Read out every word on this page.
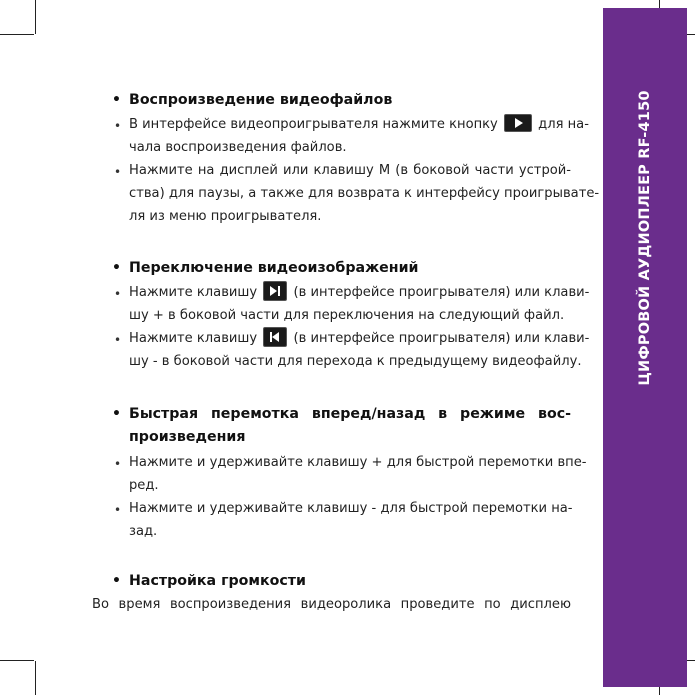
ЦИФРОВОЙ АУДИОПЛЕЕР RF-4150
• Воспроизведение видеофайлов
• В интерфейсе видеопроигрывателя нажмите кнопку	для на-
чала воспроизведения файлов.
• Нажмите на дисплей или клавишу M (в боковой части устрой-
ства) для паузы, а также для возврата к интерфейсу проигрывате-
ля из меню проигрывателя.
• Переключение видеоизображений
• Нажмите клавишу	(в интерфейсе проигрывателя) или клави-
шу + в боковой части для переключения на следующий файл.
• Нажмите клавишу	(в интерфейсе проигрывателя) или клави-
шу - в боковой части для перехода к предыдущему видеофайлу.
• Быстрая перемотка вперед/назад в режиме вос-
произведения
• Нажмите и удерживайте клавишу + для быстрой перемотки впе-
ред.
• Нажмите и удерживайте клавишу - для быстрой перемотки на-
зад.
• Настройка громкости
Во время воспроизведения видеоролика проведите по дисплею
